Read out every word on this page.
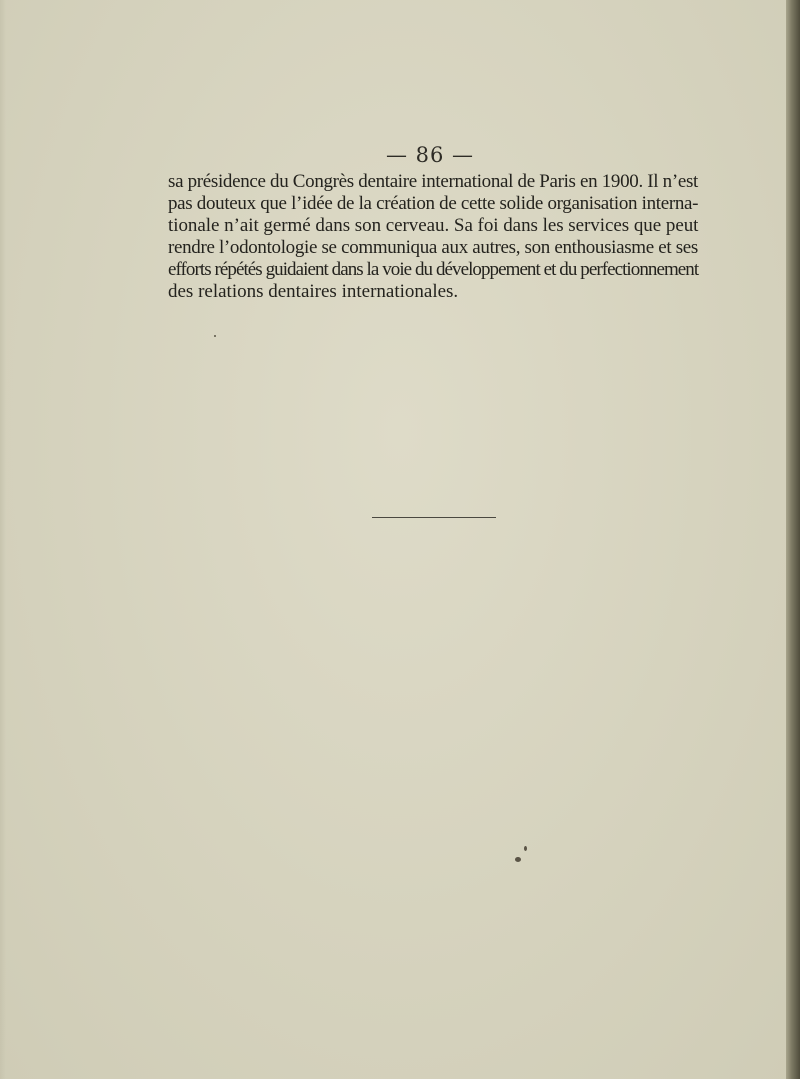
— 86 —

sa présidence du Congrès dentaire international de Paris en 1900. Il n’est
pas douteux que l’idée de la création de cette solide organisation interna-
tionale n’ait germé dans son cerveau. Sa foi dans les services que peut
rendre l’odontologie se communiqua aux autres, son enthousiasme et ses
efforts répétés guidaient dans la voie du développement et du perfectionnement
des relations dentaires internationales.
